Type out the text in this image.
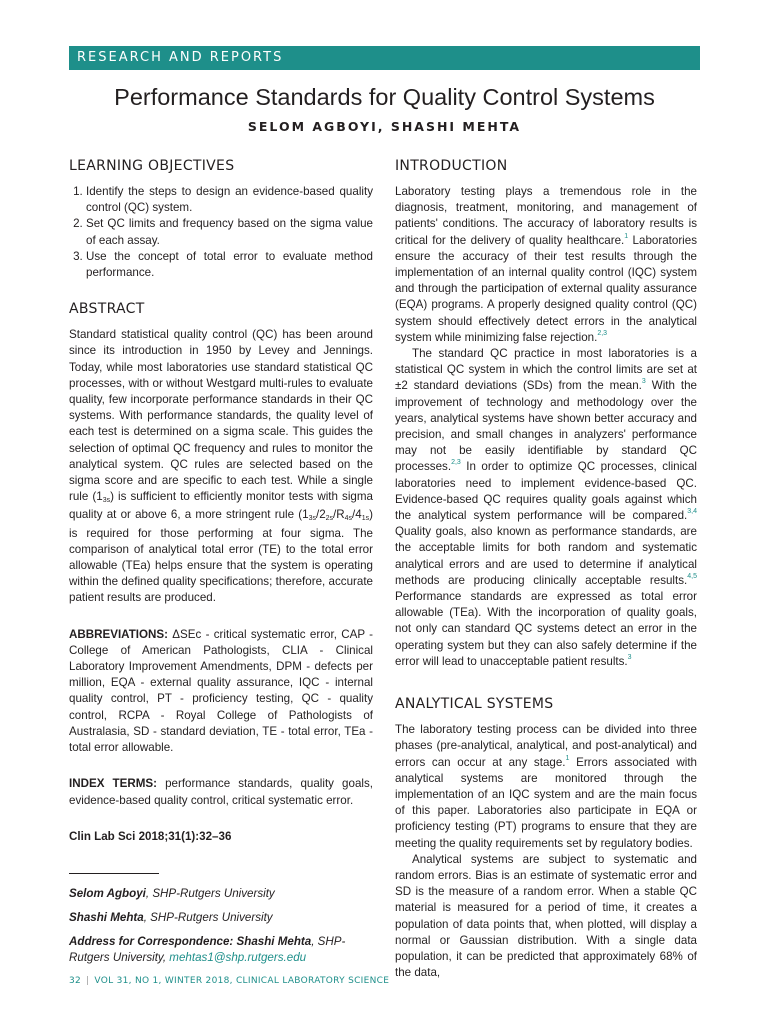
RESEARCH AND REPORTS
Performance Standards for Quality Control Systems
SELOM AGBOYI, SHASHI MEHTA
LEARNING OBJECTIVES
1. Identify the steps to design an evidence-based quality control (QC) system.
2. Set QC limits and frequency based on the sigma value of each assay.
3. Use the concept of total error to evaluate method performance.
ABSTRACT

Standard statistical quality control (QC) has been around since its introduction in 1950 by Levey and Jennings. Today, while most laboratories use standard statistical QC processes, with or without Westgard multi-rules to evaluate quality, few incorporate performance standards in their QC systems. With performance standards, the quality level of each test is determined on a sigma scale. This guides the selection of optimal QC frequency and rules to monitor the analytical system. QC rules are selected based on the sigma score and are specific to each test. While a single rule $(1_{3s})$ is sufficient to efficiently monitor tests with sigma quality at or above 6, a more stringent rule $(1_{3s}/2_{2s}/R_{4s}/4_{1s})$ is required for those performing at four sigma. The comparison of analytical total error (TE) to the total error allowable (TEa) helps ensure that the system is operating within the defined quality specifications; therefore, accurate patient results are produced.

ABBREVIATIONS: ΔSEc - critical systematic error, CAP - College of American Pathologists, CLIA - Clinical Laboratory Improvement Amendments, DPM - defects per million, EQA - external quality assurance, IQC - internal quality control, PT - proficiency testing, QC - quality control, RCPA - Royal College of Pathologists of Australasia, SD - standard deviation, TE - total error, TEa - total error allowable.

INDEX TERMS: performance standards, quality goals, evidence-based quality control, critical systematic error.

Clin Lab Sci 2018;31(1):32–36

Selom Agboyi, SHP-Rutgers University

Shashi Mehta, SHP-Rutgers University

Address for Correspondence: Shashi Mehta, SHP-Rutgers University, mehtas1@shp.rutgers.edu

INTRODUCTION

Laboratory testing plays a tremendous role in the diagnosis, treatment, monitoring, and management of patients' conditions. The accuracy of laboratory results is critical for the delivery of quality healthcare.$^1$ Laboratories ensure the accuracy of their test results through the implementation of an internal quality control (IQC) system and through the participation of external quality assurance (EQA) programs. A properly designed quality control (QC) system should effectively detect errors in the analytical system while minimizing false rejection.$^{2,3}$

The standard QC practice in most laboratories is a statistical QC system in which the control limits are set at ±2 standard deviations (SDs) from the mean.$^3$ With the improvement of technology and methodology over the years, analytical systems have shown better accuracy and precision, and small changes in analyzers' performance may not be easily identifiable by standard QC processes.$^{2,3}$ In order to optimize QC processes, clinical laboratories need to implement evidence-based QC. Evidence-based QC requires quality goals against which the analytical system performance will be compared.$^{3,4}$ Quality goals, also known as performance standards, are the acceptable limits for both random and systematic analytical errors and are used to determine if analytical methods are producing clinically acceptable results.$^{4,5}$ Performance standards are expressed as total error allowable (TEa). With the incorporation of quality goals, not only can standard QC systems detect an error in the operating system but they can also safely determine if the error will lead to unacceptable patient results.$^3$

ANALYTICAL SYSTEMS

The laboratory testing process can be divided into three phases (pre-analytical, analytical, and post-analytical) and errors can occur at any stage.$^1$ Errors associated with analytical systems are monitored through the implementation of an IQC system and are the main focus of this paper. Laboratories also participate in EQA or proficiency testing (PT) programs to ensure that they are meeting the quality requirements set by regulatory bodies.

Analytical systems are subject to systematic and random errors. Bias is an estimate of systematic error and SD is the measure of a random error. When a stable QC material is measured for a period of time, it creates a population of data points that, when plotted, will display a normal or Gaussian distribution. With a single data population, it can be predicted that approximately 68% of the data,

32 | VOL 31, NO 1, WINTER 2018, CLINICAL LABORATORY SCIENCE
